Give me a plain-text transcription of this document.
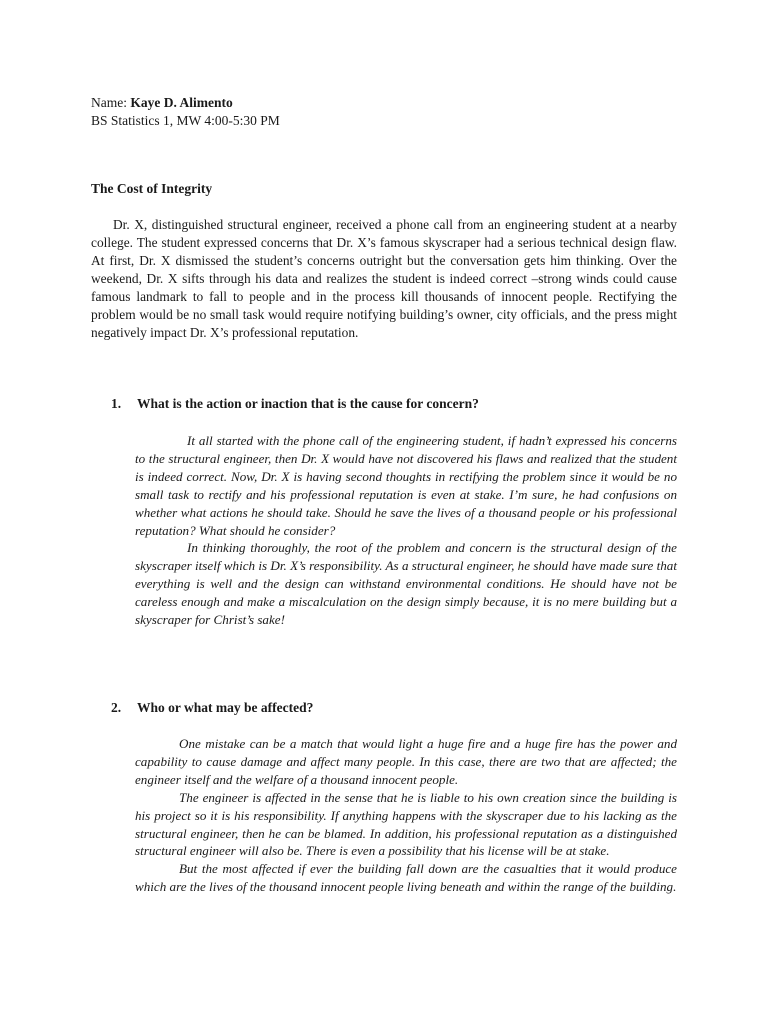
Name: Kaye D. Alimento
BS Statistics 1, MW 4:00-5:30 PM
The Cost of Integrity

Dr. X, distinguished structural engineer, received a phone call from an engineering student at a nearby college. The student expressed concerns that Dr. X’s famous skyscraper had a serious technical design flaw. At first, Dr. X dismissed the student’s concerns outright but the conversation gets him thinking. Over the weekend, Dr. X sifts through his data and realizes the student is indeed correct –strong winds could cause famous landmark to fall to people and in the process kill thousands of innocent people. Rectifying the problem would be no small task would require notifying building’s owner, city officials, and the press might negatively impact Dr. X’s professional reputation.

1. What is the action or inaction that is the cause for concern?

It all started with the phone call of the engineering student, if hadn’t expressed his concerns to the structural engineer, then Dr. X would have not discovered his flaws and realized that the student is indeed correct. Now, Dr. X is having second thoughts in rectifying the problem since it would be no small task to rectify and his professional reputation is even at stake. I’m sure, he had confusions on whether what actions he should take. Should he save the lives of a thousand people or his professional reputation? What should he consider?

In thinking thoroughly, the root of the problem and concern is the structural design of the skyscraper itself which is Dr. X’s responsibility. As a structural engineer, he should have made sure that everything is well and the design can withstand environmental conditions. He should have not be careless enough and make a miscalculation on the design simply because, it is no mere building but a skyscraper for Christ’s sake!

2. Who or what may be affected?

One mistake can be a match that would light a huge fire and a huge fire has the power and capability to cause damage and affect many people. In this case, there are two that are affected; the engineer itself and the welfare of a thousand innocent people.

The engineer is affected in the sense that he is liable to his own creation since the building is his project so it is his responsibility. If anything happens with the skyscraper due to his lacking as the structural engineer, then he can be blamed. In addition, his professional reputation as a distinguished structural engineer will also be. There is even a possibility that his license will be at stake.

But the most affected if ever the building fall down are the casualties that it would produce which are the lives of the thousand innocent people living beneath and within the range of the building.
